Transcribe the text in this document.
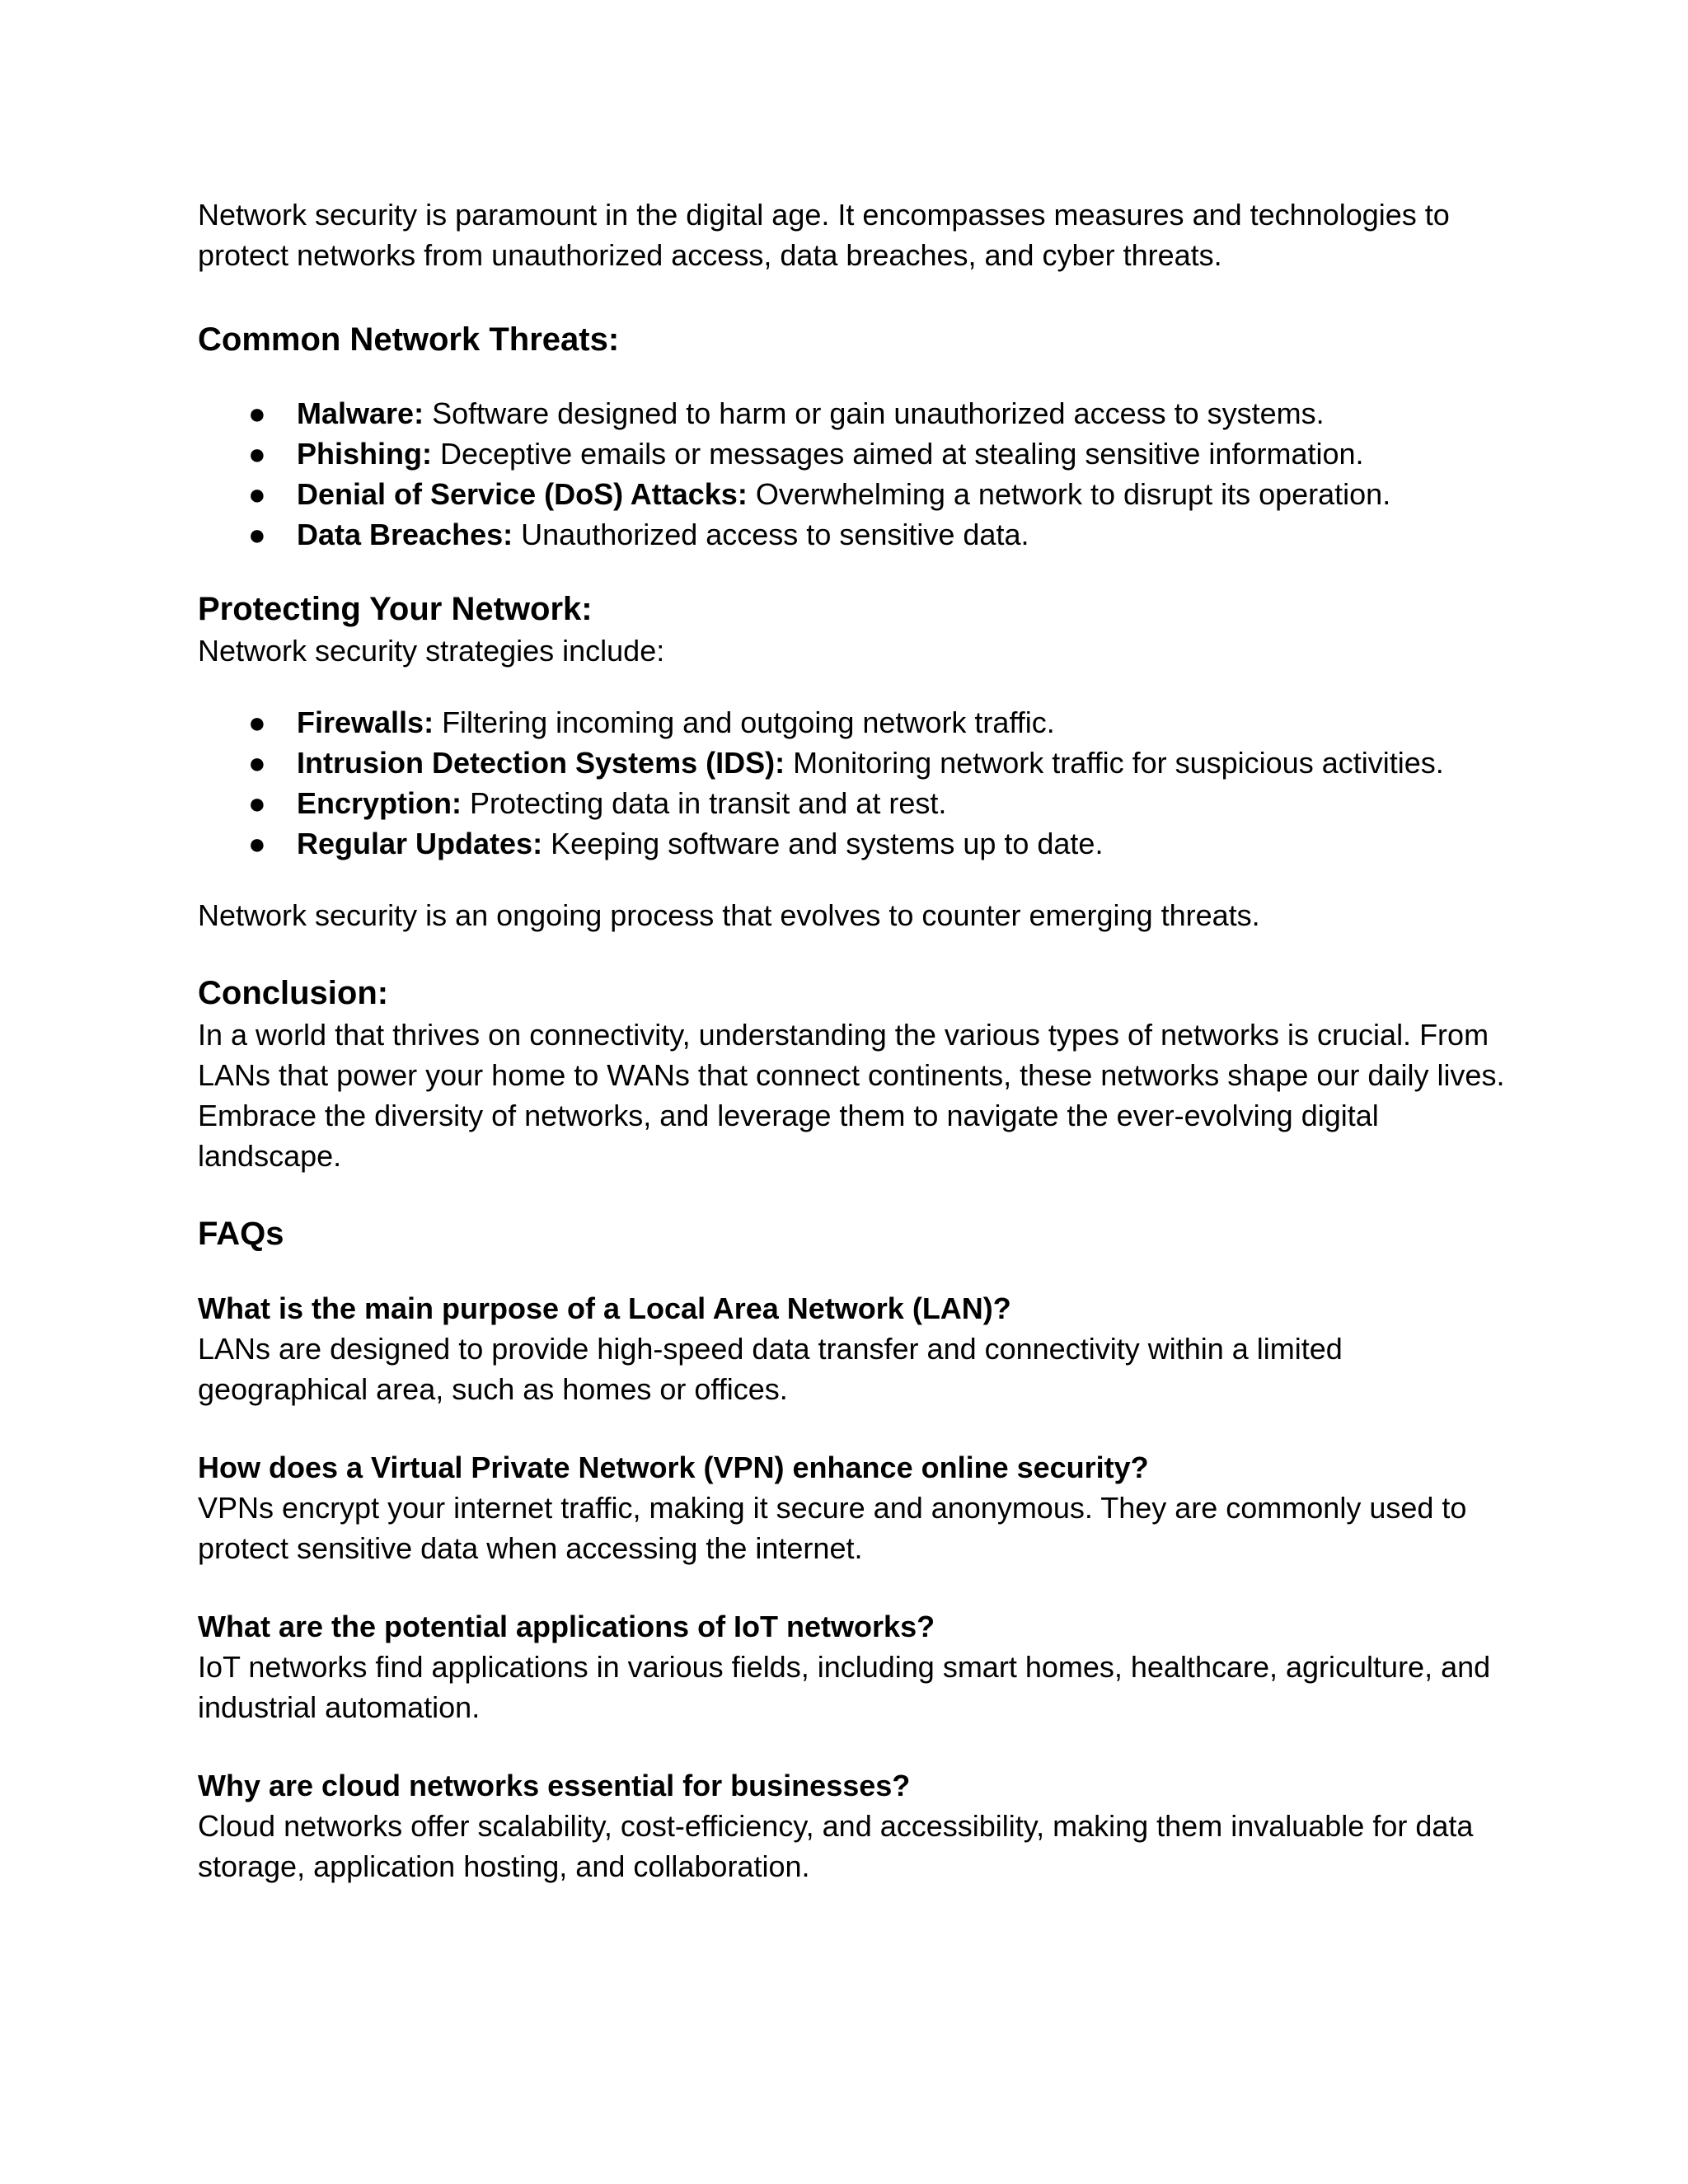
Network security is paramount in the digital age. It encompasses measures and technologies to protect networks from unauthorized access, data breaches, and cyber threats.

Common Network Threats:
● Malware: Software designed to harm or gain unauthorized access to systems.
● Phishing: Deceptive emails or messages aimed at stealing sensitive information.
● Denial of Service (DoS) Attacks: Overwhelming a network to disrupt its operation.
● Data Breaches: Unauthorized access to sensitive data.
Protecting Your Network:

Network security strategies include:

● Firewalls: Filtering incoming and outgoing network traffic.
● Intrusion Detection Systems (IDS): Monitoring network traffic for suspicious activities.
● Encryption: Protecting data in transit and at rest.
● Regular Updates: Keeping software and systems up to date.

Network security is an ongoing process that evolves to counter emerging threats.

Conclusion:

In a world that thrives on connectivity, understanding the various types of networks is crucial. From LANs that power your home to WANs that connect continents, these networks shape our daily lives. Embrace the diversity of networks, and leverage them to navigate the ever-evolving digital landscape.

FAQs

What is the main purpose of a Local Area Network (LAN)?

LANs are designed to provide high-speed data transfer and connectivity within a limited geographical area, such as homes or offices.

How does a Virtual Private Network (VPN) enhance online security?

VPNs encrypt your internet traffic, making it secure and anonymous. They are commonly used to protect sensitive data when accessing the internet.

What are the potential applications of IoT networks?

IoT networks find applications in various fields, including smart homes, healthcare, agriculture, and industrial automation.

Why are cloud networks essential for businesses?

Cloud networks offer scalability, cost-efficiency, and accessibility, making them invaluable for data storage, application hosting, and collaboration.
